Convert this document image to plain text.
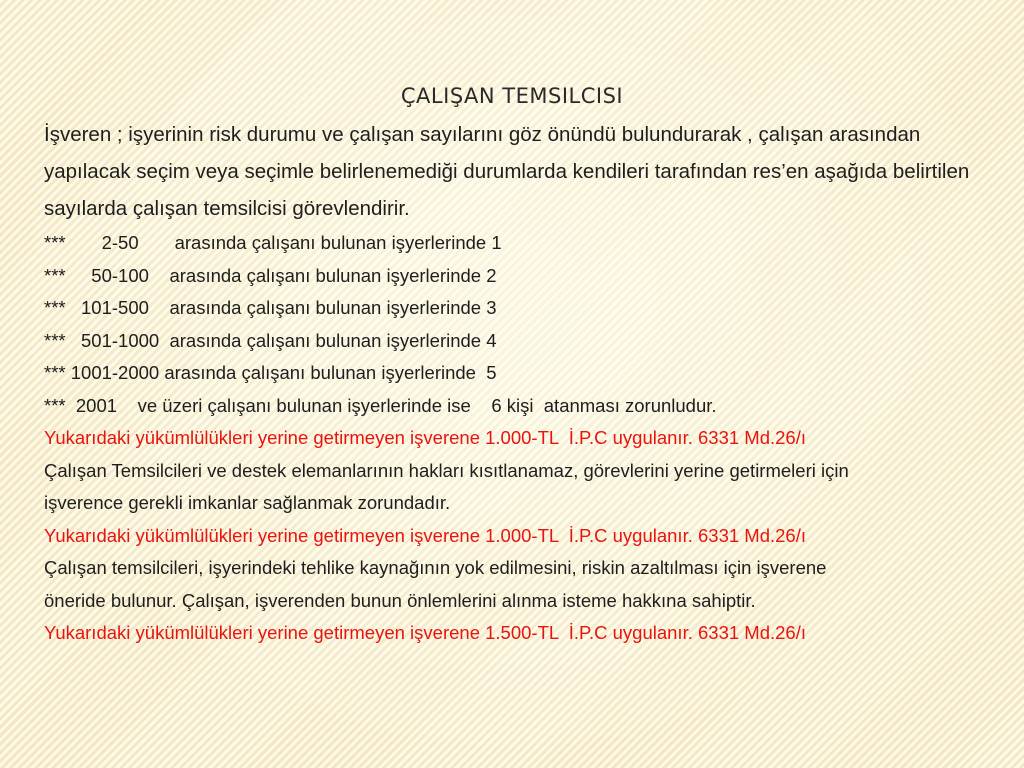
ÇALIŞAN TEMSILCISI

İşveren ; işyerinin risk durumu ve çalışan sayılarını göz önündü bulundurarak , çalışan arasından yapılacak seçim veya seçimle belirlenemediği durumlarda kendileri tarafından res’en aşağıda belirtilen sayılarda çalışan temsilcisi görevlendirir.

***       2-50       arasında çalışanı bulunan işyerlerinde 1

***     50-100    arasında çalışanı bulunan işyerlerinde 2

***   101-500    arasında çalışanı bulunan işyerlerinde 3

***   501-1000  arasında çalışanı bulunan işyerlerinde 4

*** 1001-2000 arasında çalışanı bulunan işyerlerinde  5

***  2001    ve üzeri çalışanı bulunan işyerlerinde ise    6 kişi  atanması zorunludur.

Yukarıdaki yükümlülükleri yerine getirmeyen işverene 1.000-TL  İ.P.C uygulanır. 6331 Md.26/ı

Çalışan Temsilcileri ve destek elemanlarının hakları kısıtlanamaz, görevlerini yerine getirmeleri için

işverence gerekli imkanlar sağlanmak zorundadır.

Yukarıdaki yükümlülükleri yerine getirmeyen işverene 1.000-TL  İ.P.C uygulanır. 6331 Md.26/ı

Çalışan temsilcileri, işyerindeki tehlike kaynağının yok edilmesini, riskin azaltılması için işverene

öneride bulunur. Çalışan, işverenden bunun önlemlerini alınma isteme hakkına sahiptir.

Yukarıdaki yükümlülükleri yerine getirmeyen işverene 1.500-TL  İ.P.C uygulanır. 6331 Md.26/ı
